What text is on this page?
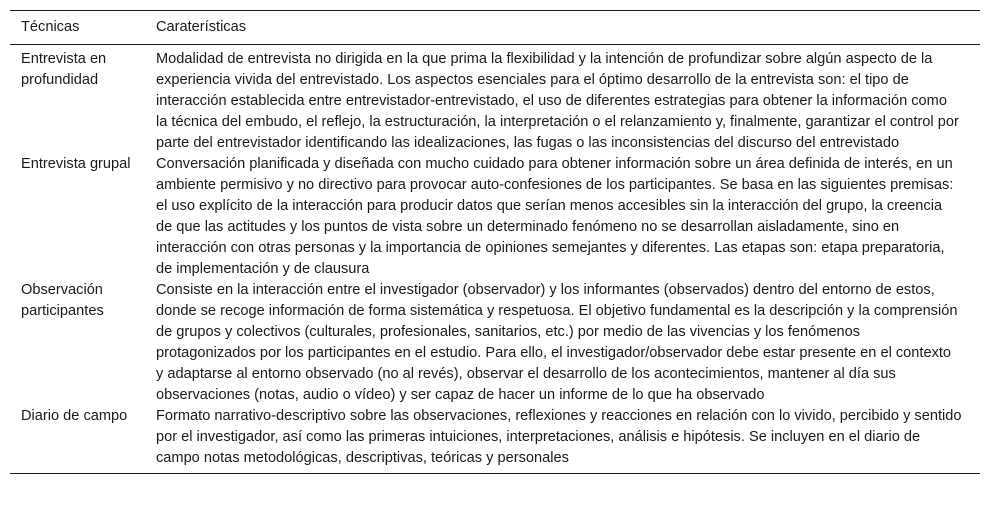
Técnicas	Caraterísticas
Entrevista en profundidad	Modalidad de entrevista no dirigida en la que prima la flexibilidad y la intención de profundizar sobre algún aspecto de la experiencia vivida del entrevistado. Los aspectos esenciales para el óptimo desarrollo de la entrevista son: el tipo de interacción establecida entre entrevistador-entrevistado, el uso de diferentes estrategias para obtener la información como la técnica del embudo, el reflejo, la estructuración, la interpretación o el relanzamiento y, finalmente, garantizar el control por parte del entrevistador identificando las idealizaciones, las fugas o las inconsistencias del discurso del entrevistado
Entrevista grupal	Conversación planificada y diseñada con mucho cuidado para obtener información sobre un área definida de interés, en un ambiente permisivo y no directivo para provocar auto-confesiones de los participantes. Se basa en las siguientes premisas: el uso explícito de la interacción para producir datos que serían menos accesibles sin la interacción del grupo, la creencia de que las actitudes y los puntos de vista sobre un determinado fenómeno no se desarrollan aisladamente, sino en interacción con otras personas y la importancia de opiniones semejantes y diferentes. Las etapas son: etapa preparatoria, de implementación y de clausura
Observación participantes	Consiste en la interacción entre el investigador (observador) y los informantes (observados) dentro del entorno de estos, donde se recoge información de forma sistemática y respetuosa. El objetivo fundamental es la descripción y la comprensión de grupos y colectivos (culturales, profesionales, sanitarios, etc.) por medio de las vivencias y los fenómenos protagonizados por los participantes en el estudio. Para ello, el investigador/observador debe estar presente en el contexto y adaptarse al entorno observado (no al revés), observar el desarrollo de los acontecimientos, mantener al día sus observaciones (notas, audio o vídeo) y ser capaz de hacer un informe de lo que ha observado
Diario de campo	Formato narrativo-descriptivo sobre las observaciones, reflexiones y reacciones en relación con lo vivido, percibido y sentido por el investigador, así como las primeras intuiciones, interpretaciones, análisis e hipótesis. Se incluyen en el diario de campo notas metodológicas, descriptivas, teóricas y personales
